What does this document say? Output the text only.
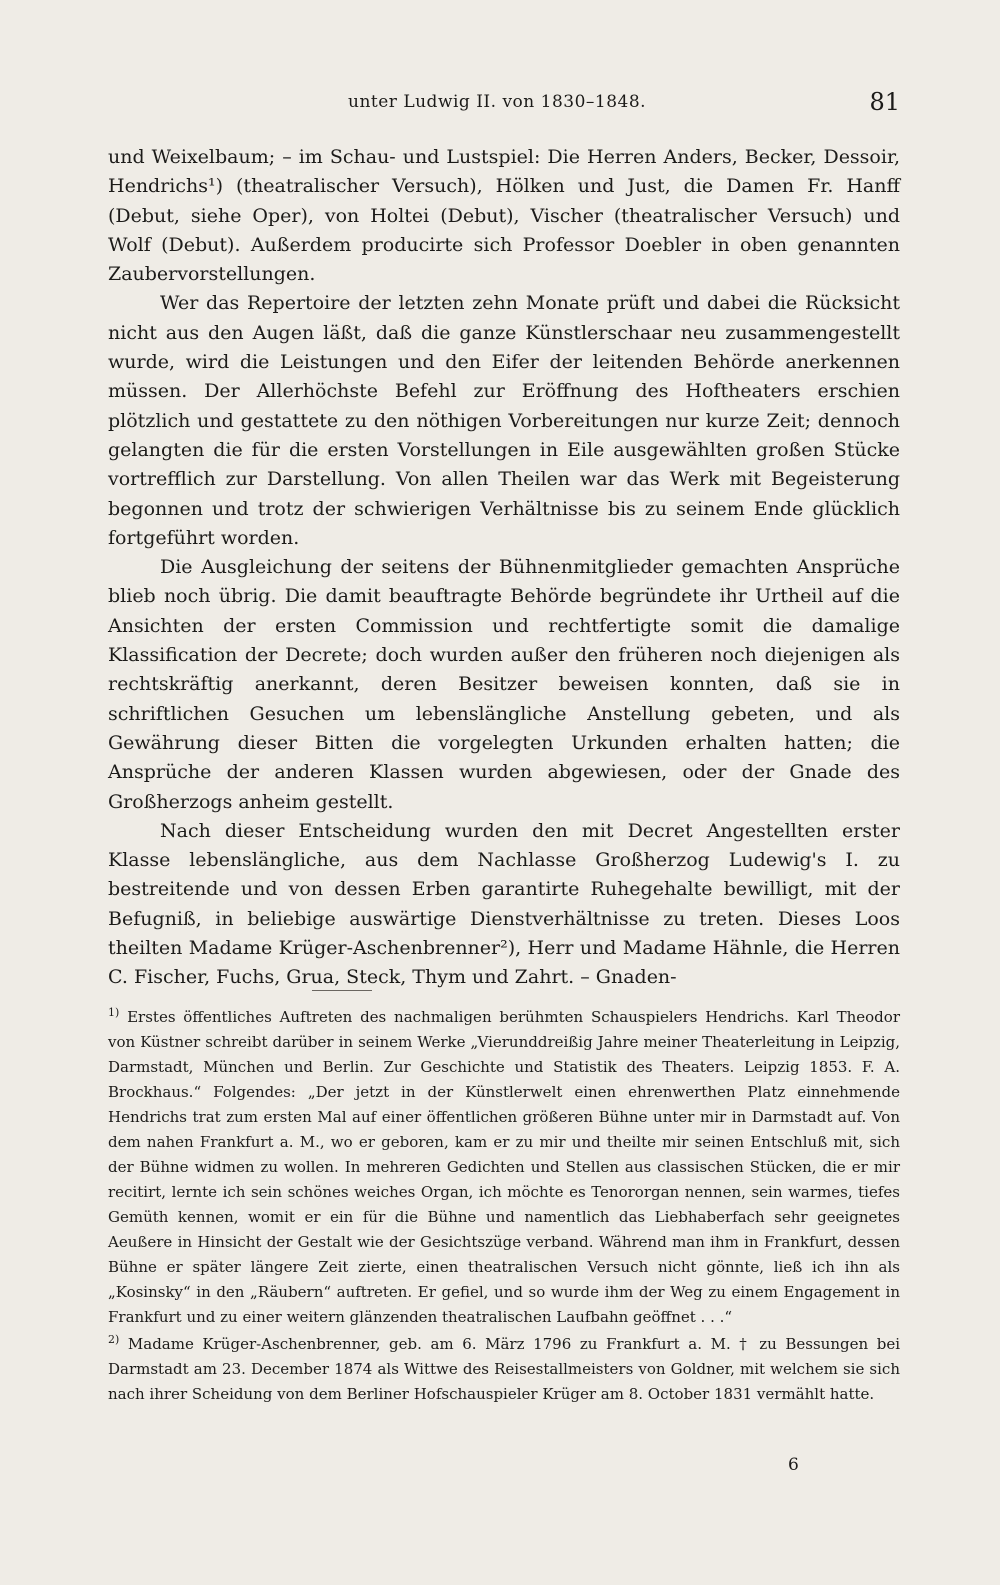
unter Ludwig II. von 1830–1848.	81

und Weixelbaum; – im Schau- und Lustspiel: Die Herren Anders, Becker, Dessoir, Hendrichs¹) (theatralischer Versuch), Hölken und Just, die Damen Fr. Hanff (Debut, siehe Oper), von Holtei (Debut), Vischer (theatralischer Versuch) und Wolf (Debut). Außerdem producirte sich Professor Doebler in oben genannten Zaubervorstellungen.

Wer das Repertoire der letzten zehn Monate prüft und dabei die Rücksicht nicht aus den Augen läßt, daß die ganze Künstlerschaar neu zusammengestellt wurde, wird die Leistungen und den Eifer der leitenden Behörde anerkennen müssen. Der Allerhöchste Befehl zur Eröffnung des Hoftheaters erschien plötzlich und gestattete zu den nöthigen Vorbereitungen nur kurze Zeit; dennoch gelangten die für die ersten Vorstellungen in Eile ausgewählten großen Stücke vortrefflich zur Darstellung. Von allen Theilen war das Werk mit Begeisterung begonnen und trotz der schwierigen Verhältnisse bis zu seinem Ende glücklich fortgeführt worden.

Die Ausgleichung der seitens der Bühnenmitglieder gemachten Ansprüche blieb noch übrig. Die damit beauftragte Behörde begründete ihr Urtheil auf die Ansichten der ersten Commission und rechtfertigte somit die damalige Klassification der Decrete; doch wurden außer den früheren noch diejenigen als rechtskräftig anerkannt, deren Besitzer beweisen konnten, daß sie in schriftlichen Gesuchen um lebenslängliche Anstellung gebeten, und als Gewährung dieser Bitten die vorgelegten Urkunden erhalten hatten; die Ansprüche der anderen Klassen wurden abgewiesen, oder der Gnade des Großherzogs anheim gestellt.

Nach dieser Entscheidung wurden den mit Decret Angestellten erster Klasse lebenslängliche, aus dem Nachlasse Großherzog Ludewig's I. zu bestreitende und von dessen Erben garantirte Ruhegehalte bewilligt, mit der Befugniß, in beliebige auswärtige Dienstverhältnisse zu treten. Dieses Loos theilten Madame Krüger-Aschenbrenner²), Herr und Madame Hähnle, die Herren C. Fischer, Fuchs, Grua, Steck, Thym und Zahrt. – Gnaden-

$^{1)}$ Erstes öffentliches Auftreten des nachmaligen berühmten Schauspielers Hendrichs. Karl Theodor von Küstner schreibt darüber in seinem Werke „Vierunddreißig Jahre meiner Theaterleitung in Leipzig, Darmstadt, München und Berlin. Zur Geschichte und Statistik des Theaters. Leipzig 1853. F. A. Brockhaus.“ Folgendes: „Der jetzt in der Künstlerwelt einen ehrenwerthen Platz einnehmende Hendrichs trat zum ersten Mal auf einer öffentlichen größeren Bühne unter mir in Darmstadt auf. Von dem nahen Frankfurt a. M., wo er geboren, kam er zu mir und theilte mir seinen Entschluß mit, sich der Bühne widmen zu wollen. In mehreren Gedichten und Stellen aus classischen Stücken, die er mir recitirt, lernte ich sein schönes weiches Organ, ich möchte es Tenororgan nennen, sein warmes, tiefes Gemüth kennen, womit er ein für die Bühne und namentlich das Liebhaberfach sehr geeignetes Aeußere in Hinsicht der Gestalt wie der Gesichtszüge verband. Während man ihm in Frankfurt, dessen Bühne er später längere Zeit zierte, einen theatralischen Versuch nicht gönnte, ließ ich ihn als „Kosinsky“ in den „Räubern“ auftreten. Er gefiel, und so wurde ihm der Weg zu einem Engagement in Frankfurt und zu einer weitern glänzenden theatralischen Laufbahn geöffnet . . .“

$^{2)}$ Madame Krüger-Aschenbrenner, geb. am 6. März 1796 zu Frankfurt a. M. † zu Bessungen bei Darmstadt am 23. December 1874 als Wittwe des Reisestallmeisters von Goldner, mit welchem sie sich nach ihrer Scheidung von dem Berliner Hofschauspieler Krüger am 8. October 1831 vermählt hatte.

6
